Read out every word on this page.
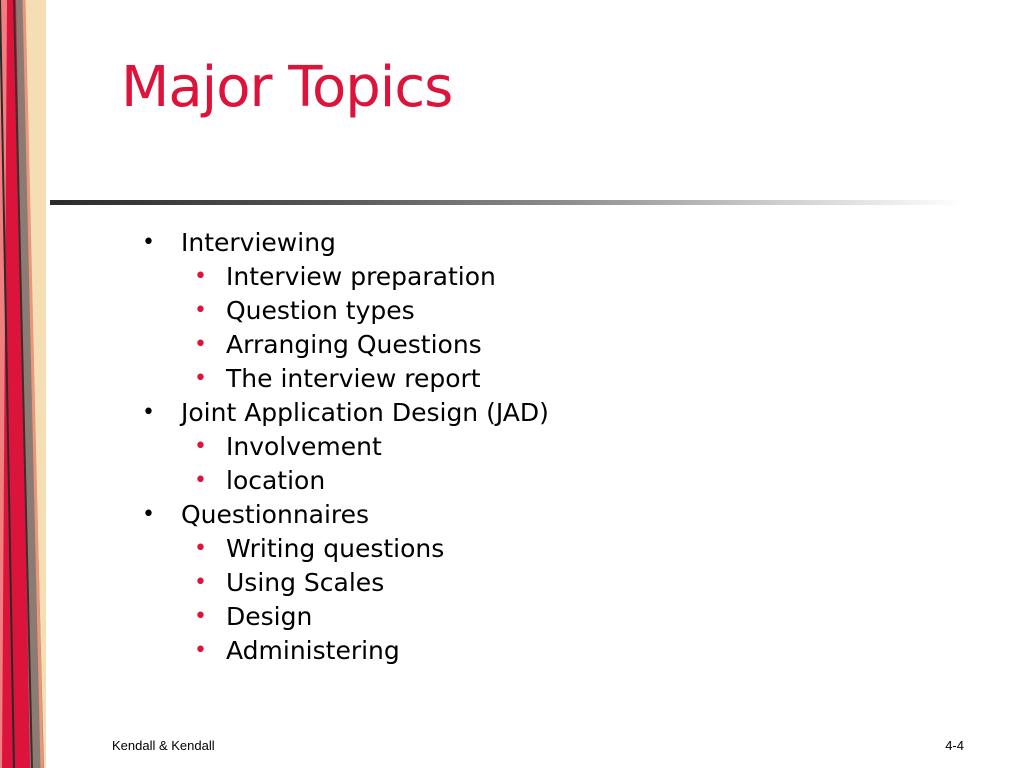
Major Topics
• Interviewing
• Interview preparation
• Question types
• Arranging Questions
• The interview report
• Joint Application Design (JAD)
• Involvement
• location
• Questionnaires
• Writing questions
• Using Scales
• Design
• Administering
Kendall & Kendall	4-4
